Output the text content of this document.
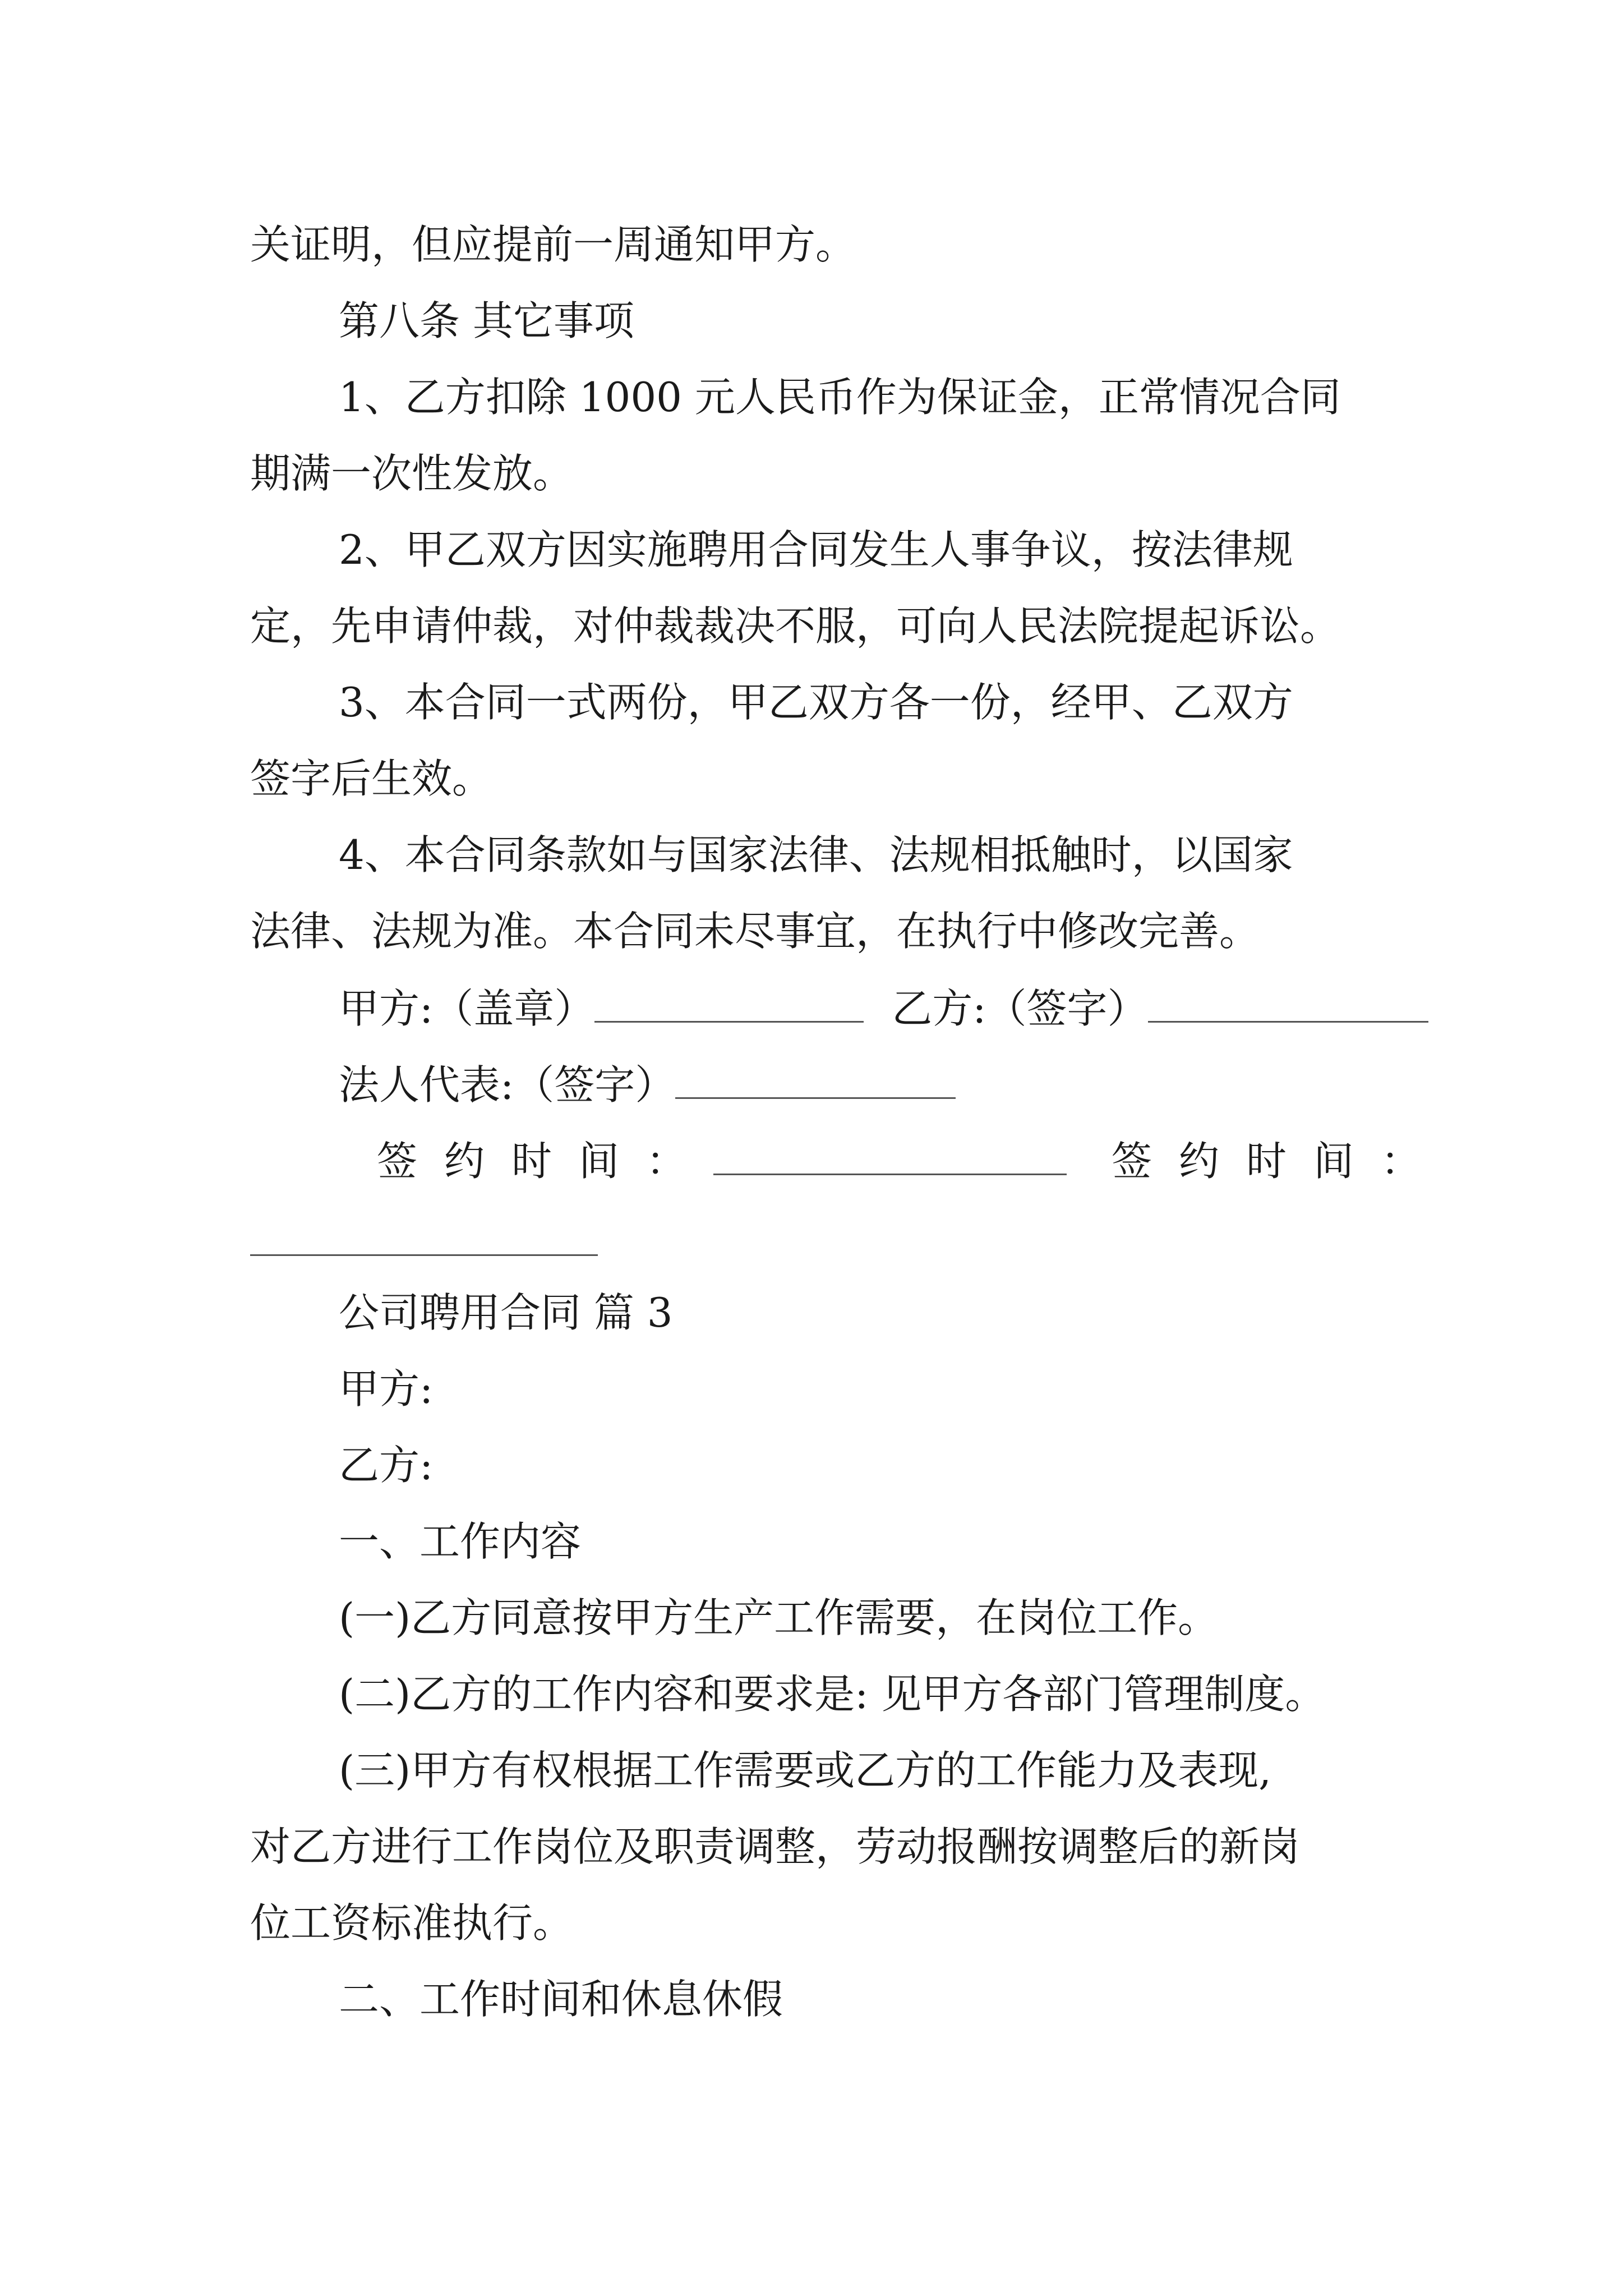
关证明，但应提前一周通知甲方。
第八条 其它事项
1、乙方扣除 1000 元人民币作为保证金，正常情况合同
期满一次性发放。
2、甲乙双方因实施聘用合同发生人事争议，按法律规
定，先申请仲裁，对仲裁裁决不服，可向人民法院提起诉讼。
3、本合同一式两份，甲乙双方各一份，经甲、乙双方
签字后生效。
4、本合同条款如与国家法律、法规相抵触时，以国家
法律、法规为准。本合同未尽事宜，在执行中修改完善。
甲方:（盖章）	乙方:（签字）
法人代表:（签字）
签约时间：	签约时间：
公司聘用合同 篇 3
甲方:
乙方:
一、工作内容
(一)乙方同意按甲方生产工作需要，在岗位工作。
(二)乙方的工作内容和要求是: 见甲方各部门管理制度。
(三)甲方有权根据工作需要或乙方的工作能力及表现,
对乙方进行工作岗位及职责调整，劳动报酬按调整后的新岗
位工资标准执行。
二、工作时间和休息休假
